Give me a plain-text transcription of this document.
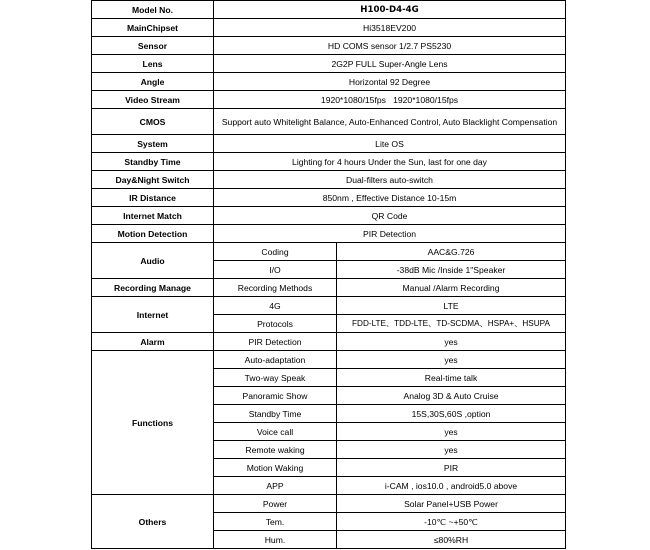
Model No.	H100-D4-4G	
MainChipset	Hi3518EV200	
Sensor	HD COMS sensor 1/2.7 PS5230	
Lens	2G2P FULL Super-Angle Lens	
Angle	Horizontal 92 Degree	
Video Stream	1920*1080/15fps   1920*1080/15fps	
CMOS	Support auto Whitelight Balance, Auto-Enhanced Control, Auto Blacklight Compensation	
System	Lite OS	
Standby Time	Lighting for 4 hours Under the Sun, last for one day	
Day&Night Switch	Dual-filters auto-switch	
IR Distance	850nm , Effective Distance 10-15m	
Internet Match	QR Code	
Motion Detection	PIR Detection	
Audio	Coding	AAC&G.726
	I/O	-38dB Mic /Inside 1"Speaker
Recording Manage	Recording Methods	Manual /Alarm Recording
Internet	4G	LTE
	Protocols	FDD-LTE、TDD-LTE、TD-SCDMA、HSPA+、HSUPA
Alarm	PIR Detection	yes
Functions	Auto-adaptation	yes
	Two-way Speak	Real-time talk
	Panoramic Show	Analog 3D & Auto Cruise
	Standby Time	15S,30S,60S ,option
	Voice call	yes
	Remote waking	yes
	Motion Waking	PIR
	APP	i-CAM , ios10.0 , android5.0 above
Others	Power	Solar Panel+USB Power
	Tem.	-10℃ ~+50℃
	Hum.	≤80%RH
